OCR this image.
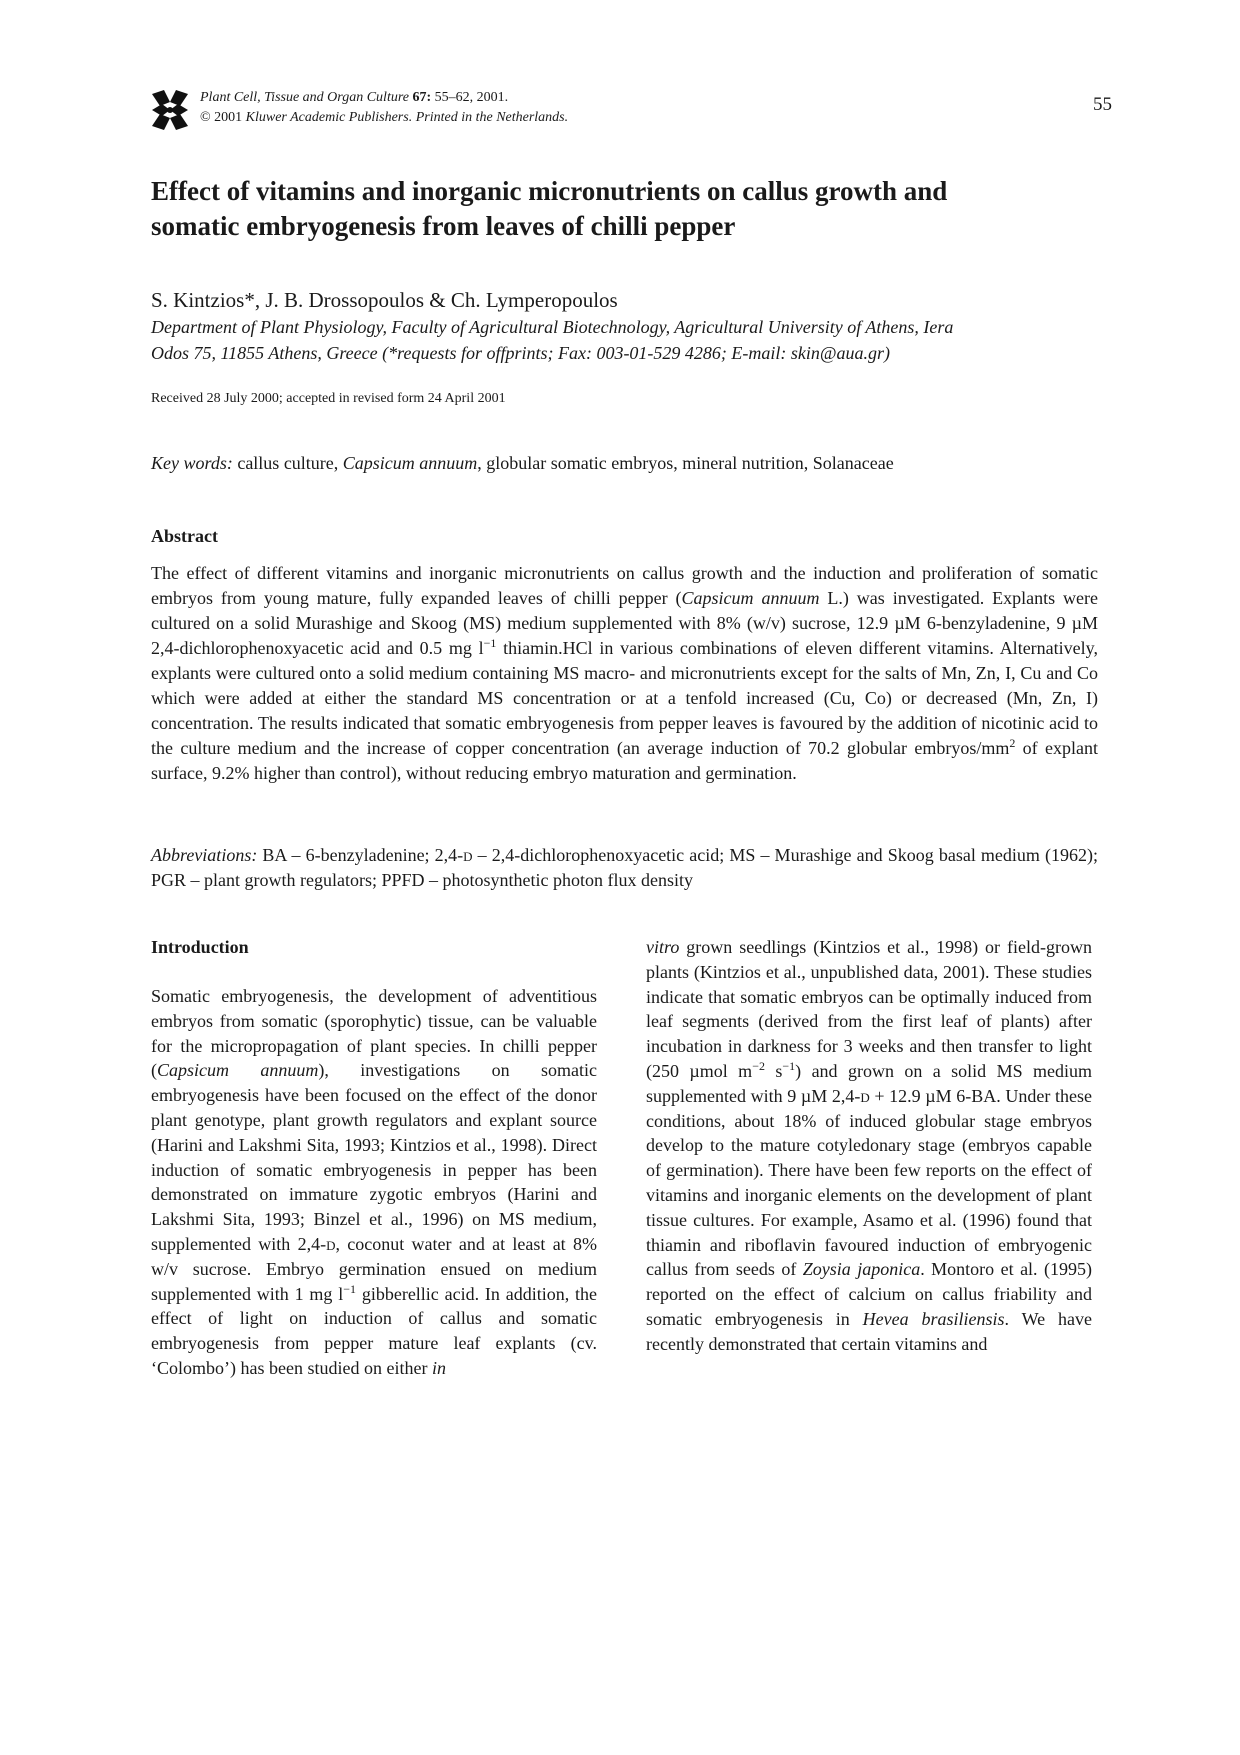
Plant Cell, Tissue and Organ Culture 67: 55–62, 2001.
© 2001 Kluwer Academic Publishers. Printed in the Netherlands.
55
Effect of vitamins and inorganic micronutrients on callus growth and
somatic embryogenesis from leaves of chilli pepper
S. Kintzios*, J. B. Drossopoulos & Ch. Lymperopoulos
Department of Plant Physiology, Faculty of Agricultural Biotechnology, Agricultural University of Athens, Iera
Odos 75, 11855 Athens, Greece (*requests for offprints; Fax: 003-01-529 4286; E-mail: skin@aua.gr)
Received 28 July 2000; accepted in revised form 24 April 2001
Key words: callus culture, Capsicum annuum, globular somatic embryos, mineral nutrition, Solanaceae
Abstract

The effect of different vitamins and inorganic micronutrients on callus growth and the induction and proliferation of somatic embryos from young mature, fully expanded leaves of chilli pepper (Capsicum annuum L.) was investigated. Explants were cultured on a solid Murashige and Skoog (MS) medium supplemented with 8% (w/v) sucrose, 12.9 µM 6-benzyladenine, 9 µM 2,4-dichlorophenoxyacetic acid and 0.5 mg $l^{-1}$ thiamin.HCl in various combinations of eleven different vitamins. Alternatively, explants were cultured onto a solid medium containing MS macro- and micronutrients except for the salts of Mn, Zn, I, Cu and Co which were added at either the standard MS concentration or at a tenfold increased (Cu, Co) or decreased (Mn, Zn, I) concentration. The results indicated that somatic embryogenesis from pepper leaves is favoured by the addition of nicotinic acid to the culture medium and the increase of copper concentration (an average induction of 70.2 globular embryos/$mm^2$ of explant surface, 9.2% higher than control), without reducing embryo maturation and germination.

Abbreviations: BA – 6-benzyladenine; 2,4-d – 2,4-dichlorophenoxyacetic acid; MS – Murashige and Skoog basal medium (1962); PGR – plant growth regulators; PPFD – photosynthetic photon flux density

Introduction

Somatic embryogenesis, the development of adventitious embryos from somatic (sporophytic) tissue, can be valuable for the micropropagation of plant species. In chilli pepper (Capsicum annuum), investigations on somatic embryogenesis have been focused on the effect of the donor plant genotype, plant growth regulators and explant source (Harini and Lakshmi Sita, 1993; Kintzios et al., 1998). Direct induction of somatic embryogenesis in pepper has been demonstrated on immature zygotic embryos (Harini and Lakshmi Sita, 1993; Binzel et al., 1996) on MS medium, supplemented with 2,4-d, coconut water and at least at 8% w/v sucrose. Embryo germination ensued on medium supplemented with 1 mg $l^{-1}$ gibberellic acid. In addition, the effect of light on induction of callus and somatic embryogenesis from pepper mature leaf explants (cv. ‘Colombo’) has been studied on either in

vitro grown seedlings (Kintzios et al., 1998) or field-grown plants (Kintzios et al., unpublished data, 2001). These studies indicate that somatic embryos can be optimally induced from leaf segments (derived from the first leaf of plants) after incubation in darkness for 3 weeks and then transfer to light (250 µmol $m^{-2}$ $s^{-1}$) and grown on a solid MS medium supplemented with 9 µM 2,4-d + 12.9 µM 6-BA. Under these conditions, about 18% of induced globular stage embryos develop to the mature cotyledonary stage (embryos capable of germination). There have been few reports on the effect of vitamins and inorganic elements on the development of plant tissue cultures. For example, Asamo et al. (1996) found that thiamin and riboflavin favoured induction of embryogenic callus from seeds of Zoysia japonica. Montoro et al. (1995) reported on the effect of calcium on callus friability and somatic embryogenesis in Hevea brasiliensis. We have recently demonstrated that certain vitamins and
